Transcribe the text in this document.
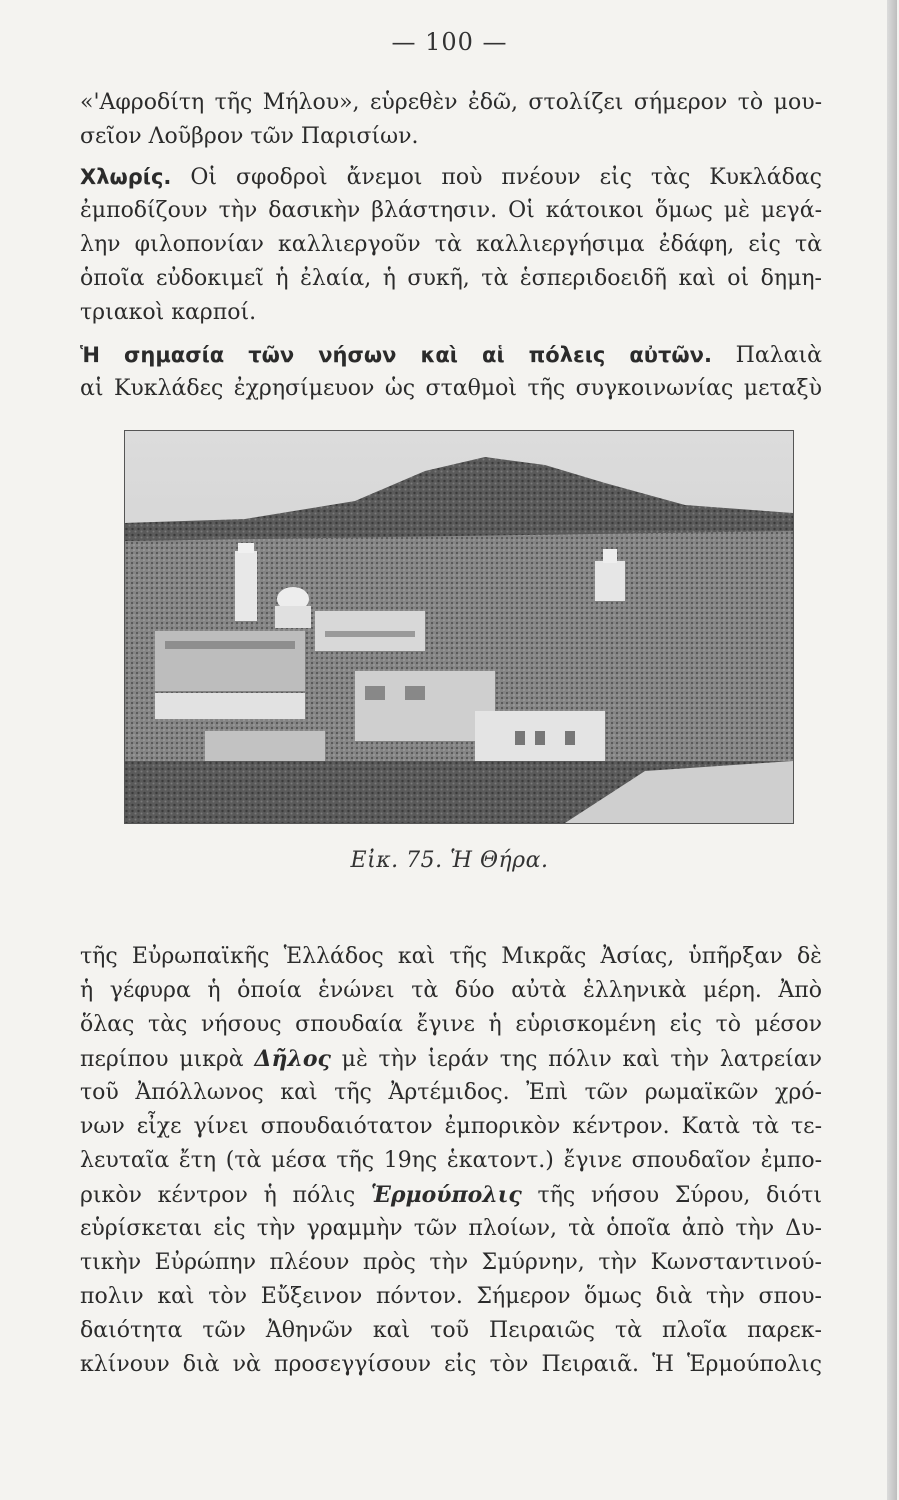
— 100 —
«'Αφροδίτη τῆς Μήλου», εὑρεθὲν ἐδῶ, στολίζει σήμερον τὸ μου-
σεῖον Λοῦβρον τῶν Παρισίων.
Χλωρίς. Οἱ σφοδροὶ ἄνεμοι ποὺ πνέουν εἰς τὰς Κυκλάδας
ἐμποδίζουν τὴν δασικὴν βλάστησιν. Οἱ κάτοικοι ὅμως μὲ μεγά-
λην φιλοπονίαν καλλιεργοῦν τὰ καλλιεργήσιμα ἐδάφη, εἰς τὰ
ὁποῖα εὐδοκιμεῖ ἡ ἐλαία, ἡ συκῆ, τὰ ἑσπεριδοειδῆ καὶ οἱ δημη-
τριακοὶ καρποί.
Ἡ σημασία τῶν νήσων καὶ αἱ πόλεις αὐτῶν. Παλαιὰ
αἱ Κυκλάδες ἐχρησίμευον ὡς σταθμοὶ τῆς συγκοινωνίας μεταξὺ
Εἰκ. 75. Ἡ Θήρα.
τῆς Εὐρωπαϊκῆς Ἑλλάδος καὶ τῆς Μικρᾶς Ἀσίας, ὑπῆρξαν δὲ
ἡ γέφυρα ἡ ὁποία ἑνώνει τὰ δύο αὐτὰ ἑλληνικὰ μέρη. Ἀπὸ
ὅλας τὰς νήσους σπουδαία ἔγινε ἡ εὑρισκομένη εἰς τὸ μέσον
περίπου μικρὰ Δῆλος μὲ τὴν ἱεράν της πόλιν καὶ τὴν λατρείαν
τοῦ Ἀπόλλωνος καὶ τῆς Ἀρτέμιδος. Ἐπὶ τῶν ρωμαϊκῶν χρό-
νων εἶχε γίνει σπουδαιότατον ἐμπορικὸν κέντρον. Κατὰ τὰ τε-
λευταῖα ἔτη (τὰ μέσα τῆς 19ης ἑκατοντ.) ἔγινε σπουδαῖον ἐμπο-
ρικὸν κέντρον ἡ πόλις Ἑρμούπολις τῆς νήσου Σύρου, διότι
εὑρίσκεται εἰς τὴν γραμμὴν τῶν πλοίων, τὰ ὁποῖα ἀπὸ τὴν Δυ-
τικὴν Εὐρώπην πλέουν πρὸς τὴν Σμύρνην, τὴν Κωνσταντινού-
πολιν καὶ τὸν Εὔξεινον πόντον. Σήμερον ὅμως διὰ τὴν σπου-
δαιότητα τῶν Ἀθηνῶν καὶ τοῦ Πειραιῶς τὰ πλοῖα παρεκ-
κλίνουν διὰ νὰ προσεγγίσουν εἰς τὸν Πειραιᾶ. Ἡ Ἑρμούπολις
